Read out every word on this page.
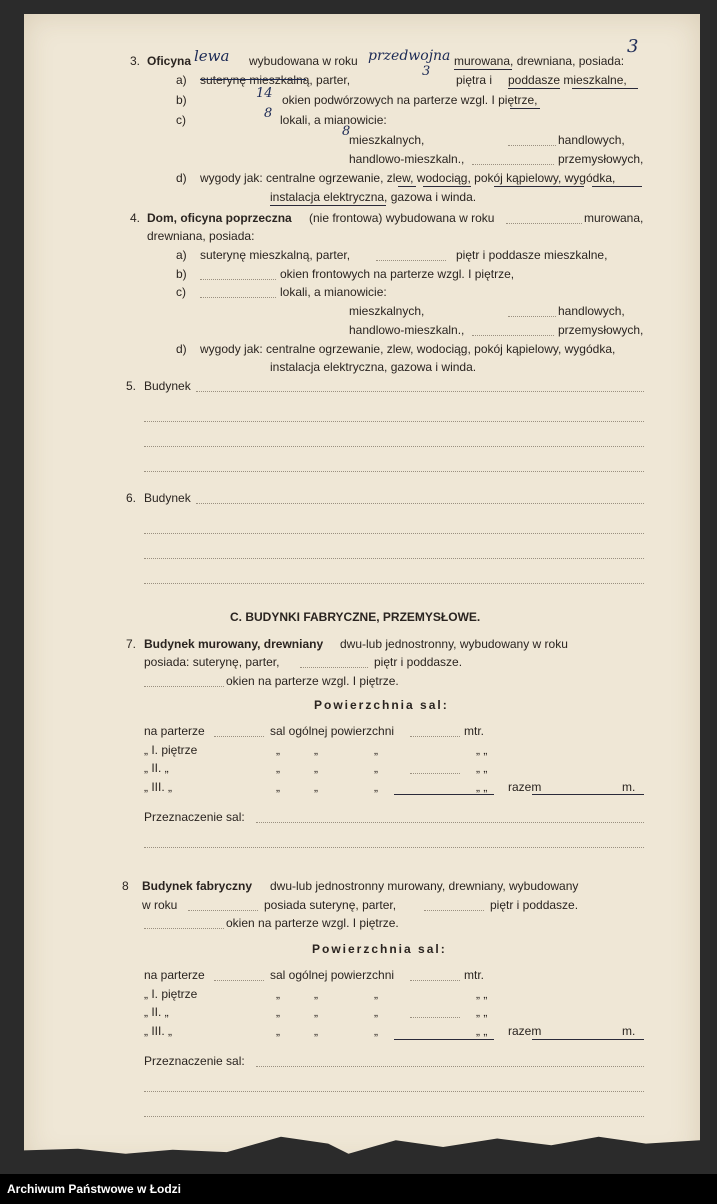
3
3. Oficyna lewa wybudowana w roku przedwojna murowana, drewniana, posiada:
a) suterynę mieszkalną, parter,
3
piętra i poddasze mieszkalne,
b)	14 okien podwórzowych na parterze wzgl. I piętrze,
c)	8 lokali, a mianowicie:
8
mieszkalnych,	handlowych,
handlowo-mieszkaln.,	przemysłowych,
d) wygody jak: centralne ogrzewanie, zlew, wodociąg, pokój kąpielowy, wygódka,
instalacja elektryczna, gazowa i winda.
4. Dom, oficyna poprzeczna (nie frontowa) wybudowana w roku	murowana,
drewniana, posiada:
a) suterynę mieszkalną, parter,	piętr i poddasze mieszkalne,
b)	okien frontowych na parterze wzgl. I piętrze,
c)	lokali, a mianowicie:
mieszkalnych,	handlowych,
handlowo-mieszkaln.,	przemysłowych,
d) wygody jak: centralne ogrzewanie, zlew, wodociąg, pokój kąpielowy, wygódka,
instalacja elektryczna, gazowa i winda.
5. Budynek
6. Budynek
C. BUDYNKI FABRYCZNE, PRZEMYSŁOWE.
7. Budynek murowany, drewniany dwu-lub jednostronny, wybudowany w roku
posiada: suterynę, parter,	piętr i poddasze.
okien na parterze wzgl. I piętrze.
Powierzchnia sal:
na parterze	sal ogólnej powierzchni	mtr.
„ I. piętrze	„	„	„	„ „
„ II. „	„	„	„	„ „
„ III. „	„	„	„	„ „ razem	m.
Przeznaczenie sal:
8 Budynek fabryczny dwu-lub jednostronny murowany, drewniany, wybudowany
w roku	posiada suterynę, parter,	piętr i poddasze.
okien na parterze wzgl. I piętrze.
Powierzchnia sal:
na parterze	sal ogólnej powierzchni	mtr.
„ I. piętrze	„	„	„	„ „
„ II. „	„	„	„	„ „
„ III. „	„	„	„	„ „ razem	m.
Przeznaczenie sal:
Archiwum Państwowe w Łodzi
